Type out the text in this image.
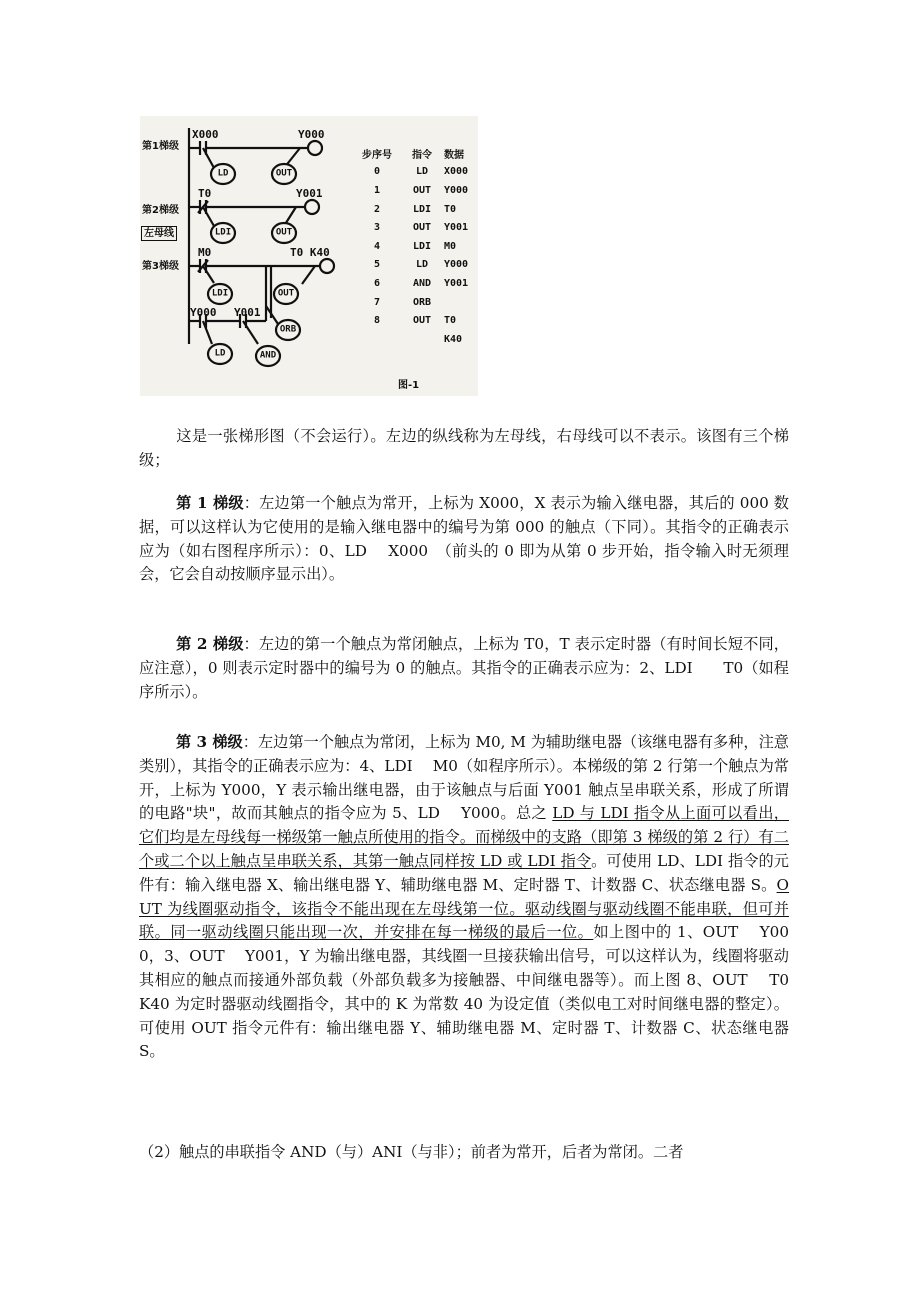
第1梯级
第2梯级
左母线
第3梯级
X000
T0
M0
Y000 Y001
Y000
Y001
T0 K40
LD	OUT
LDI	OUT
LDI	OUT
ORB
LD	AND
步序号	指令	数据
0	LD	X000
1	OUT	Y000
2	LDI	T0
3	OUT	Y001
4	LDI	M0
5	LD	Y000
6	AND	Y001
7	ORB
8	OUT	T0
K40
图-1
这是一张梯形图（不会运行）。左边的纵线称为左母线，右母线可以不表示。该图有三个梯级；
第 1 梯级：左边第一个触点为常开，上标为 X000，X 表示为输入继电器，其后的 000 数据，可以这样认为它使用的是输入继电器中的编号为第 000 的触点（下同）。其指令的正确表示应为（如右图程序所示）：0、LD　 X000　（前头的 0 即为从第 0 步开始，指令输入时无须理会，它会自动按顺序显示出）。
第 2 梯级：左边的第一个触点为常闭触点，上标为 T0，T 表示定时器（有时间长短不同，应注意），0 则表示定时器中的编号为 0 的触点。其指令的正确表示应为：2、LDI　　T0（如程序所示）。
第 3 梯级：左边第一个触点为常闭，上标为 M0, M 为辅助继电器（该继电器有多种，注意类别），其指令的正确表示应为：4、LDI　 M0（如程序所示）。本梯级的第 2 行第一个触点为常开，上标为 Y000，Y 表示输出继电器，由于该触点与后面 Y001 触点呈串联关系，形成了所谓的电路"块"，故而其触点的指令应为 5、LD　 Y000。总之 LD 与 LDI 指令从上面可以看出，它们均是左母线每一梯级第一触点所使用的指令。而梯级中的支路（即第 3 梯级的第 2 行）有二个或二个以上触点呈串联关系，其第一触点同样按 LD 或 LDI 指令。可使用 LD、LDI 指令的元件有：输入继电器 X、输出继电器 Y、辅助继电器 M、定时器 T、计数器 C、状态继电器 S。OUT 为线圈驱动指令，该指令不能出现在左母线第一位。驱动线圈与驱动线圈不能串联，但可并联。同一驱动线圈只能出现一次，并安排在每一梯级的最后一位。如上图中的 1、OUT　 Y000，3、OUT　 Y001，Y 为输出继电器，其线圈一旦接获输出信号，可以这样认为，线圈将驱动其相应的触点而接通外部负载（外部负载多为接触器、中间继电器等）。而上图 8、OUT　 T0　 K40 为定时器驱动线圈指令，其中的 K 为常数 40 为设定值（类似电工对时间继电器的整定）。可使用 OUT 指令元件有：输出继电器 Y、辅助继电器 M、定时器 T、计数器 C、状态继电器 S。
（2）触点的串联指令 AND（与）ANI（与非）；前者为常开，后者为常闭。二者
